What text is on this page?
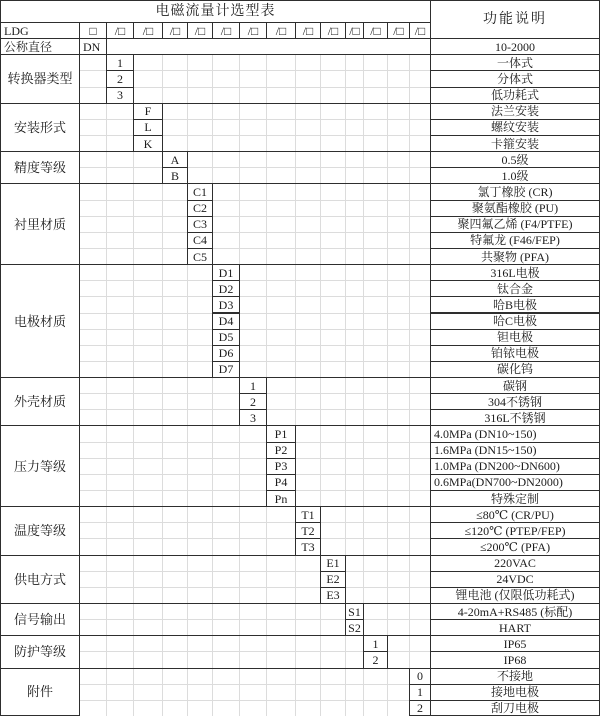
电磁流量计选型表
功能说明
LDG	□	/□	/□	/□	/□	/□	/□	/□	/□	/□ /□ /□	/□ /□
公称直径	DN	10-2000
转换器类型
1	一体式
2	分体式
3	低功耗式
安装形式
F	法兰安装
L	螺纹安装
K	卡箍安装
精度等级
A	0.5级
B	1.0级
衬里材质
C1	氯丁橡胶 (CR)
C2	聚氨酯橡胶 (PU)
C3	聚四氟乙烯 (F4/PTFE)
C4	特氟龙 (F46/FEP)
C5	共聚物 (PFA)
电极材质
D1	316L电极
D2	钛合金
D3	哈B电极
D4	哈C电极
D5	钽电极
D6	铂铱电极
D7	碳化钨
外壳材质
1	碳钢
2	304不锈钢
3	316L不锈钢
压力等级
P1	4.0MPa (DN10~150)
P2	1.6MPa (DN15~150)
P3	1.0MPa (DN200~DN600)
P4	0.6MPa(DN700~DN2000)
Pn	特殊定制
温度等级
T1	≤80℃ (CR/PU)
T2	≤120℃ (PTEP/FEP)
T3	≤200℃ (PFA)
供电方式
E1	220VAC
E2	24VDC
E3	锂电池 (仅限低功耗式)
信号输出
S1	4-20mA+RS485 (标配)
S2	HART
防护等级
1	IP65
2	IP68
附件
0	不接地
1	接地电极
2	刮刀电极
